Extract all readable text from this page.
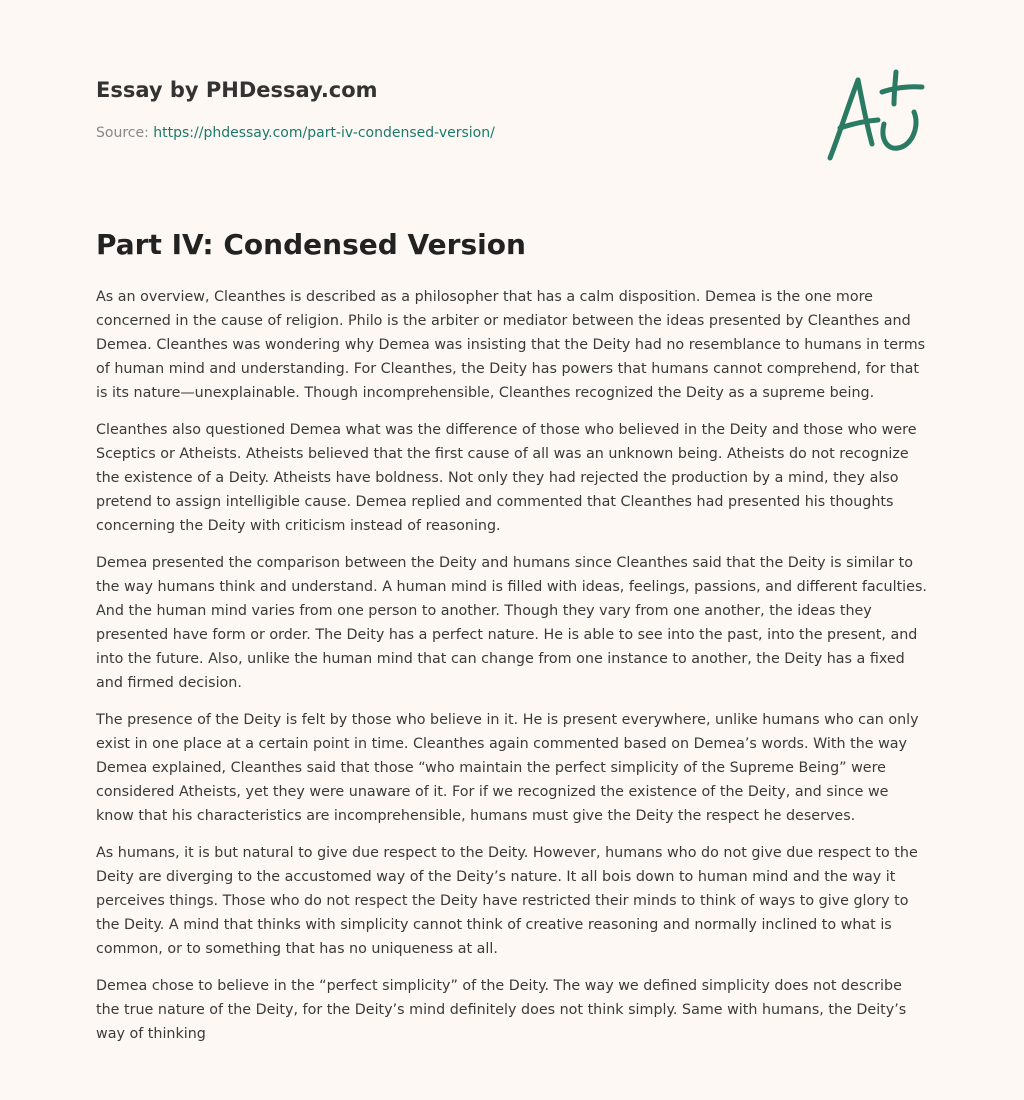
Essay by PHDessay.com
Source: https://phdessay.com/part-iv-condensed-version/
Part IV: Condensed Version

As an overview, Cleanthes is described as a philosopher that has a calm disposition. Demea is the one more concerned in the cause of religion. Philo is the arbiter or mediator between the ideas presented by Cleanthes and Demea. Cleanthes was wondering why Demea was insisting that the Deity had no resemblance to humans in terms of human mind and understanding. For Cleanthes, the Deity has powers that humans cannot comprehend, for that is its nature—unexplainable. Though incomprehensible, Cleanthes recognized the Deity as a supreme being.

Cleanthes also questioned Demea what was the difference of those who believed in the Deity and those who were Sceptics or Atheists. Atheists believed that the first cause of all was an unknown being. Atheists do not recognize the existence of a Deity. Atheists have boldness. Not only they had rejected the production by a mind, they also pretend to assign intelligible cause. Demea replied and commented that Cleanthes had presented his thoughts concerning the Deity with criticism instead of reasoning.

Demea presented the comparison between the Deity and humans since Cleanthes said that the Deity is similar to the way humans think and understand. A human mind is filled with ideas, feelings, passions, and different faculties. And the human mind varies from one person to another. Though they vary from one another, the ideas they presented have form or order. The Deity has a perfect nature. He is able to see into the past, into the present, and into the future. Also, unlike the human mind that can change from one instance to another, the Deity has a fixed and firmed decision.

The presence of the Deity is felt by those who believe in it. He is present everywhere, unlike humans who can only exist in one place at a certain point in time. Cleanthes again commented based on Demea’s words. With the way Demea explained, Cleanthes said that those “who maintain the perfect simplicity of the Supreme Being” were considered Atheists, yet they were unaware of it. For if we recognized the existence of the Deity, and since we know that his characteristics are incomprehensible, humans must give the Deity the respect he deserves.

As humans, it is but natural to give due respect to the Deity. However, humans who do not give due respect to the Deity are diverging to the accustomed way of the Deity’s nature. It all bois down to human mind and the way it perceives things. Those who do not respect the Deity have restricted their minds to think of ways to give glory to the Deity. A mind that thinks with simplicity cannot think of creative reasoning and normally inclined to what is common, or to something that has no uniqueness at all.

Demea chose to believe in the “perfect simplicity” of the Deity. The way we defined simplicity does not describe the true nature of the Deity, for the Deity’s mind definitely does not think simply. Same with humans, the Deity’s way of thinking
